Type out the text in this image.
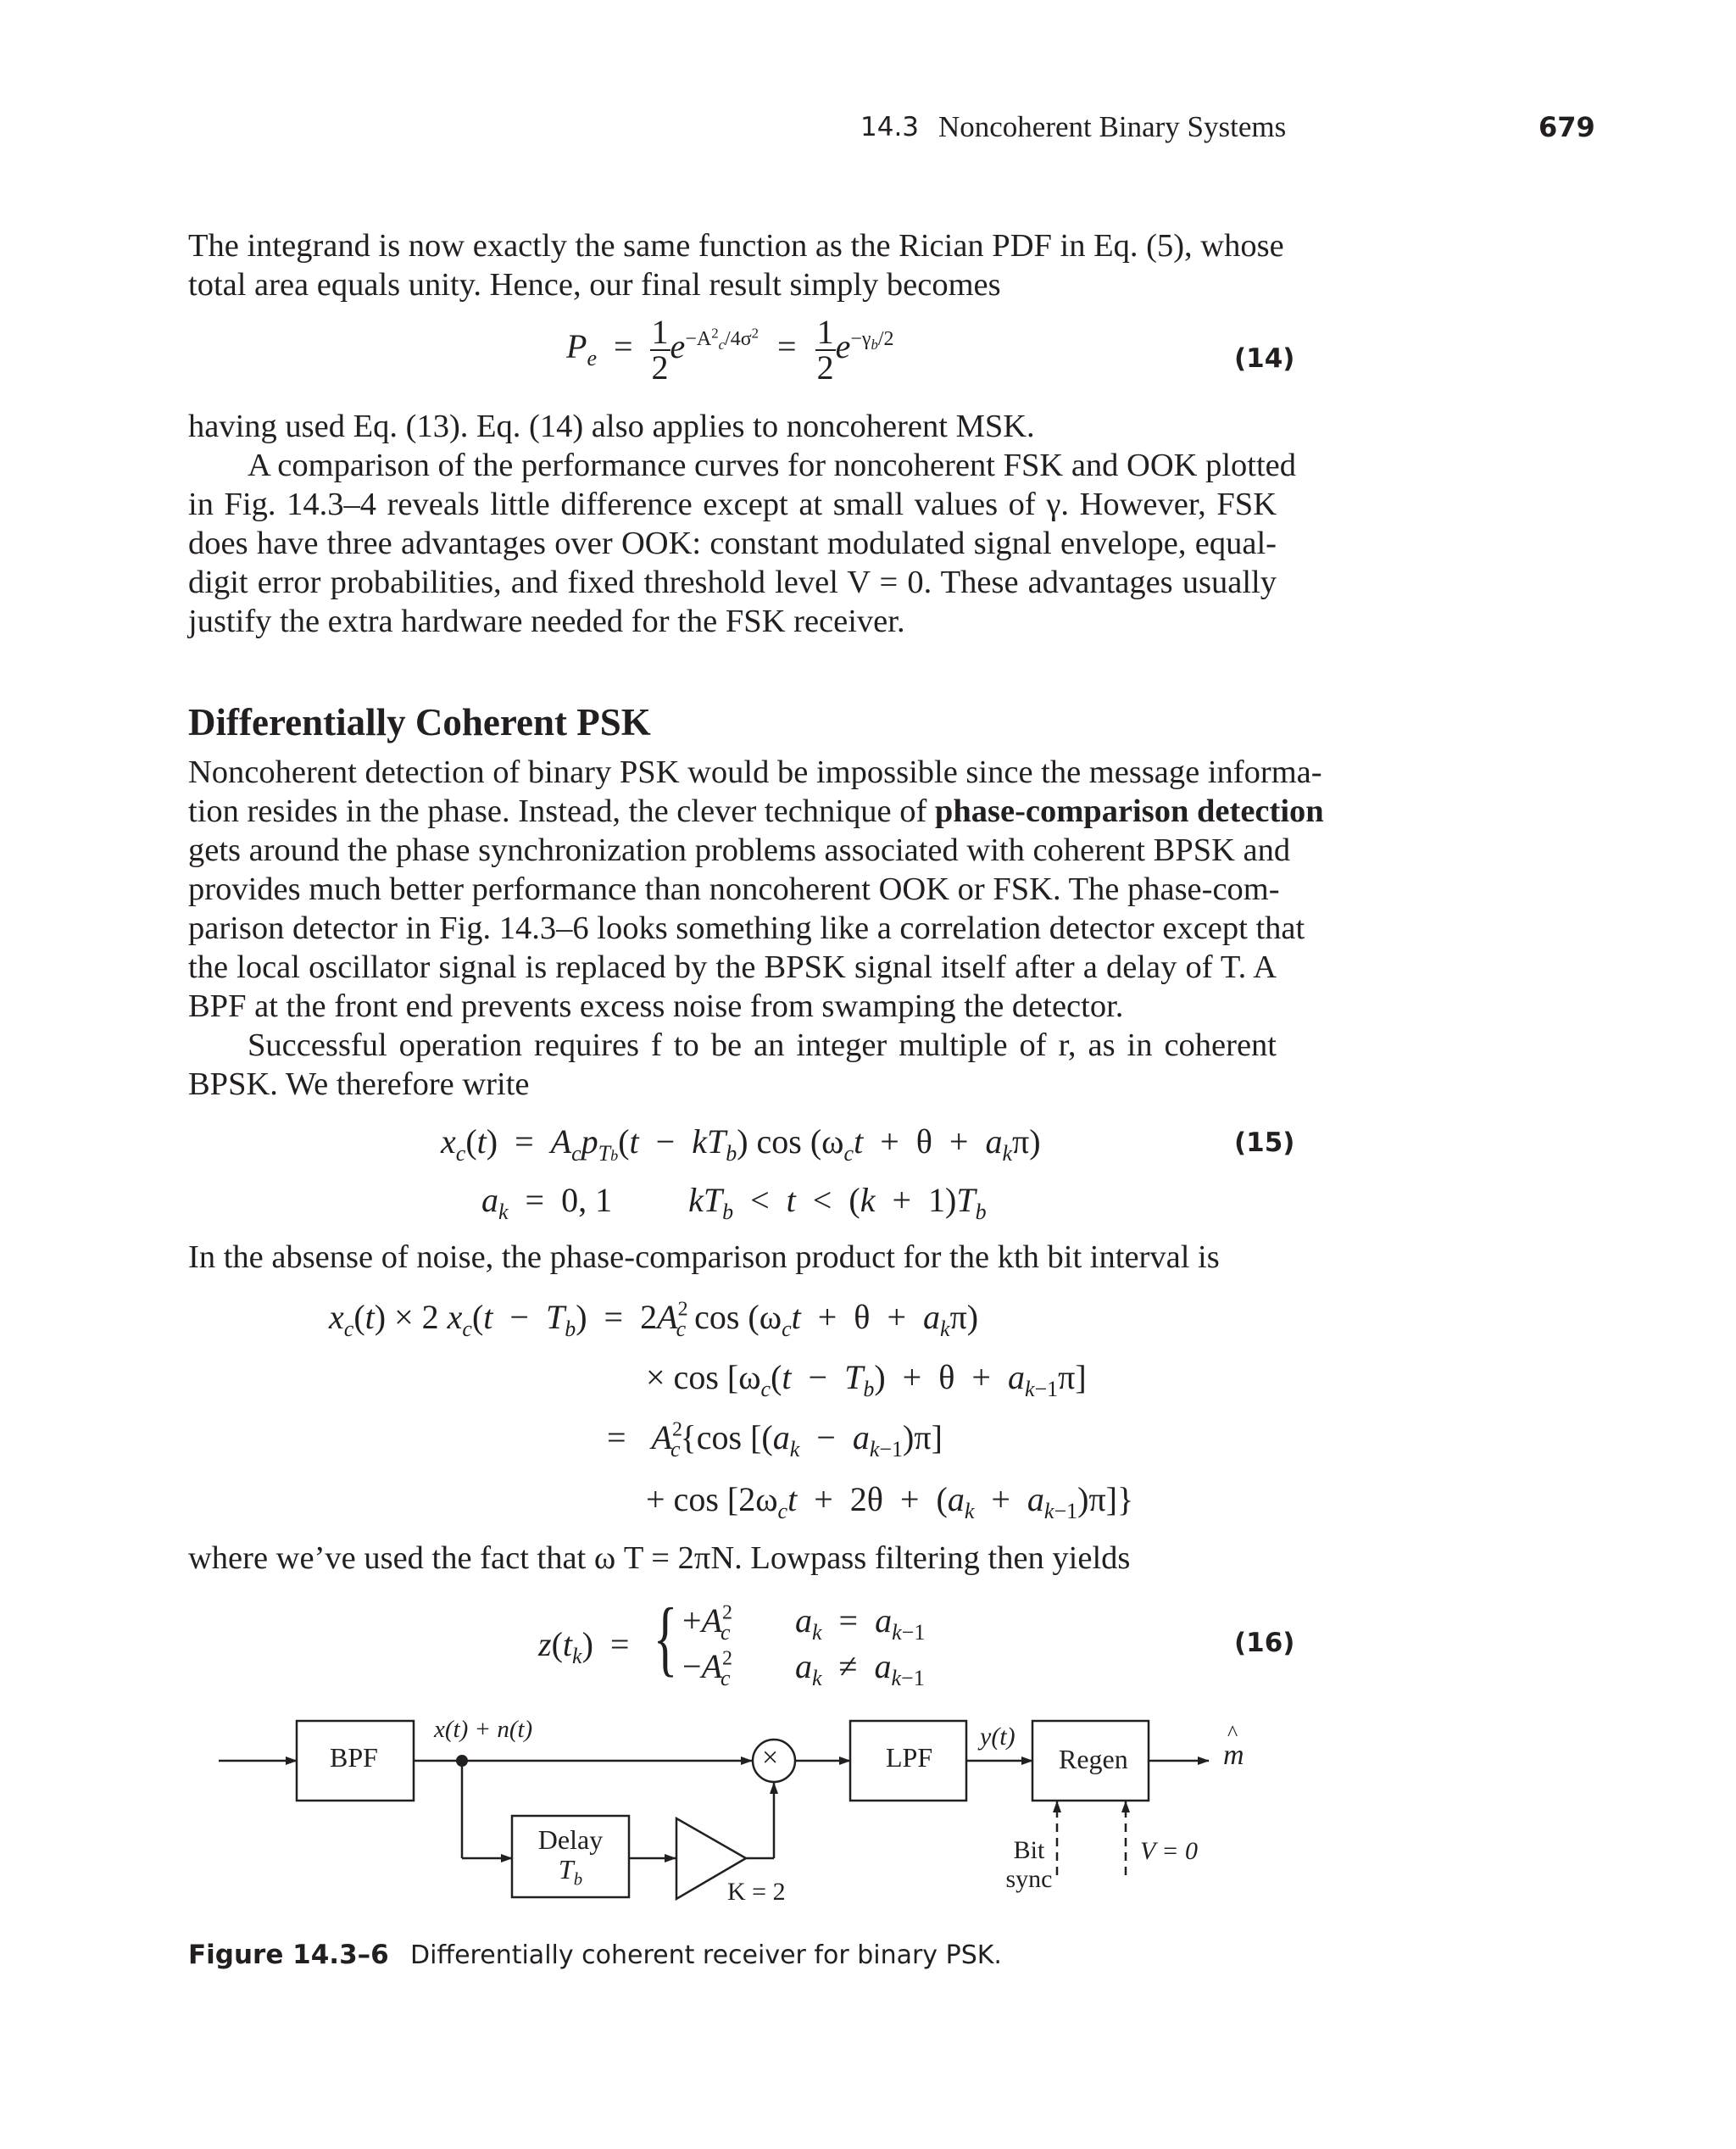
14.3 Noncoherent Binary Systems	679
The integrand is now exactly the same function as the Rician PDF in Eq. (5), whose
total area equals unity. Hence, our final result simply becomes
$P_e = \frac{1}{2} e^{-A^2_c/4\sigma^2} = \frac{1}{2} e^{-\gamma_b/2}$
(14)
having used Eq. (13). Eq. (14) also applies to noncoherent MSK.
A comparison of the performance curves for noncoherent FSK and OOK plotted
in Fig. 14.3–4 reveals little difference except at small values of γ. However, FSK
does have three advantages over OOK: constant modulated signal envelope, equal-
digit error probabilities, and fixed threshold level V = 0. These advantages usually
justify the extra hardware needed for the FSK receiver.
Differentially Coherent PSK
Noncoherent detection of binary PSK would be impossible since the message informa-
tion resides in the phase. Instead, the clever technique of phase-comparison detection
gets around the phase synchronization problems associated with coherent BPSK and
provides much better performance than noncoherent OOK or FSK. The phase-com-
parison detector in Fig. 14.3–6 looks something like a correlation detector except that
the local oscillator signal is replaced by the BPSK signal itself after a delay of T. A
BPF at the front end prevents excess noise from swamping the detector.
Successful operation requires f to be an integer multiple of r, as in coherent
BPSK. We therefore write
$x_c(t) = A_cp_{Tb}(t - kT_b)$ $\cos (\omega_ct + \theta + a_k\pi)$	(15)
$a_k = 0$, 1  $kT_b < t < (k + 1)T_b$
In the absense of noise, the phase-comparison product for the kth bit interval is
$x_c(t) \times 2$ $x_c(t - T_b) = 2A^2_c$ $\cos (\omega_ct + \theta + a_k\pi)$
× $\cos [\omega_c(t - T_b) + \theta + a_{k-1}\pi]$
=   $A^2_c\{\cos$ $[(a_k - a_{k-1})\pi]$
+ $\cos [2\omega_ct + 2\theta + (a_k + a_{k-1})\pi]$}
where we’ve used the fact that ω T = 2πN. Lowpass filtering then yields
$z(t_k)$  = { $+A^2_c$
$-A^2_c$
$a_k = a_{k-1}$
$a_k \ne a_{k-1}$
(16)
BPF
x(t) + n(t)
×	LPF
y(t)
Regen	m
^
Delay
$T_b$	K = 2
Bit
sync
V = 0
Figure 14.3–6 Differentially coherent receiver for binary PSK.
